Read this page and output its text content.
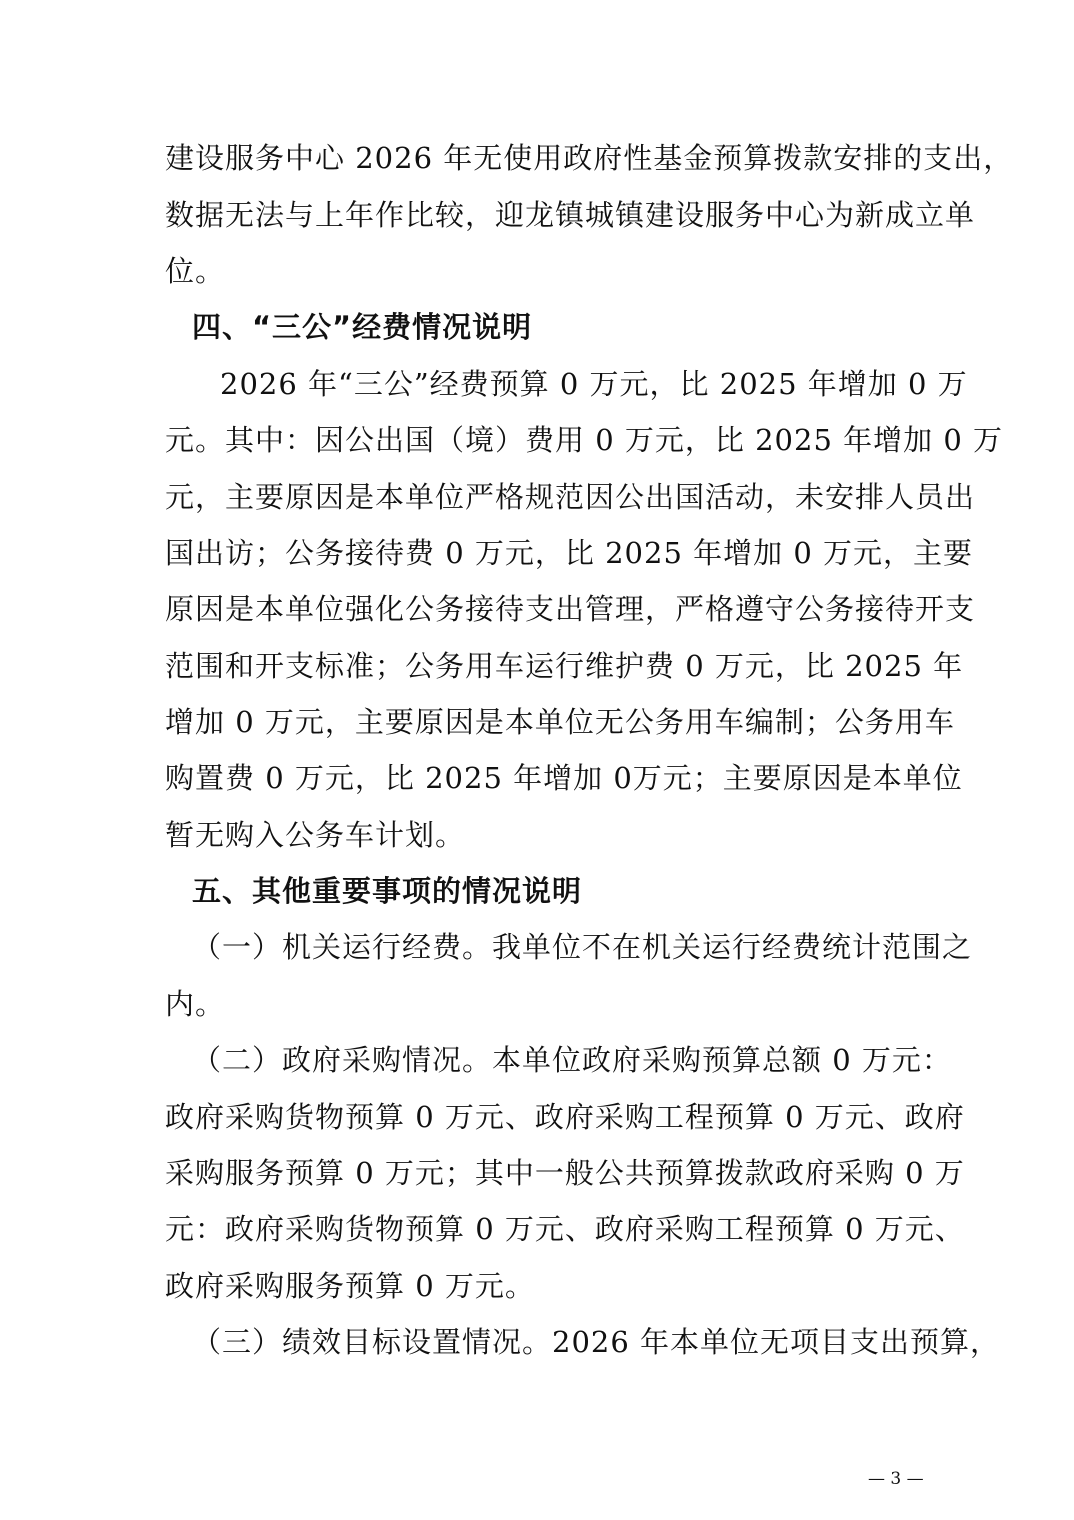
建设服务中心 2026 年无使用政府性基金预算拨款安排的支出，
数据无法与上年作比较，迎龙镇城镇建设服务中心为新成立单
位。
四、“三公”经费情况说明
2026 年“三公”经费预算 0 万元，比 2025 年增加 0 万
元。其中：因公出国（境）费用 0 万元，比 2025 年增加 0 万
元，主要原因是本单位严格规范因公出国活动，未安排人员出
国出访；公务接待费 0 万元，比 2025 年增加 0 万元，主要
原因是本单位强化公务接待支出管理，严格遵守公务接待开支
范围和开支标准；公务用车运行维护费 0 万元，比 2025 年
增加 0 万元，主要原因是本单位无公务用车编制；公务用车
购置费 0 万元，比 2025 年增加 0万元；主要原因是本单位
暂无购入公务车计划。
五、其他重要事项的情况说明
（一）机关运行经费。我单位不在机关运行经费统计范围之
内。
（二）政府采购情况。本单位政府采购预算总额 0 万元：
政府采购货物预算 0 万元、政府采购工程预算 0 万元、政府
采购服务预算 0 万元；其中一般公共预算拨款政府采购 0 万
元：政府采购货物预算 0 万元、政府采购工程预算 0 万元、
政府采购服务预算 0 万元。
（三）绩效目标设置情况。2026 年本单位无项目支出预算，
— 3 —
